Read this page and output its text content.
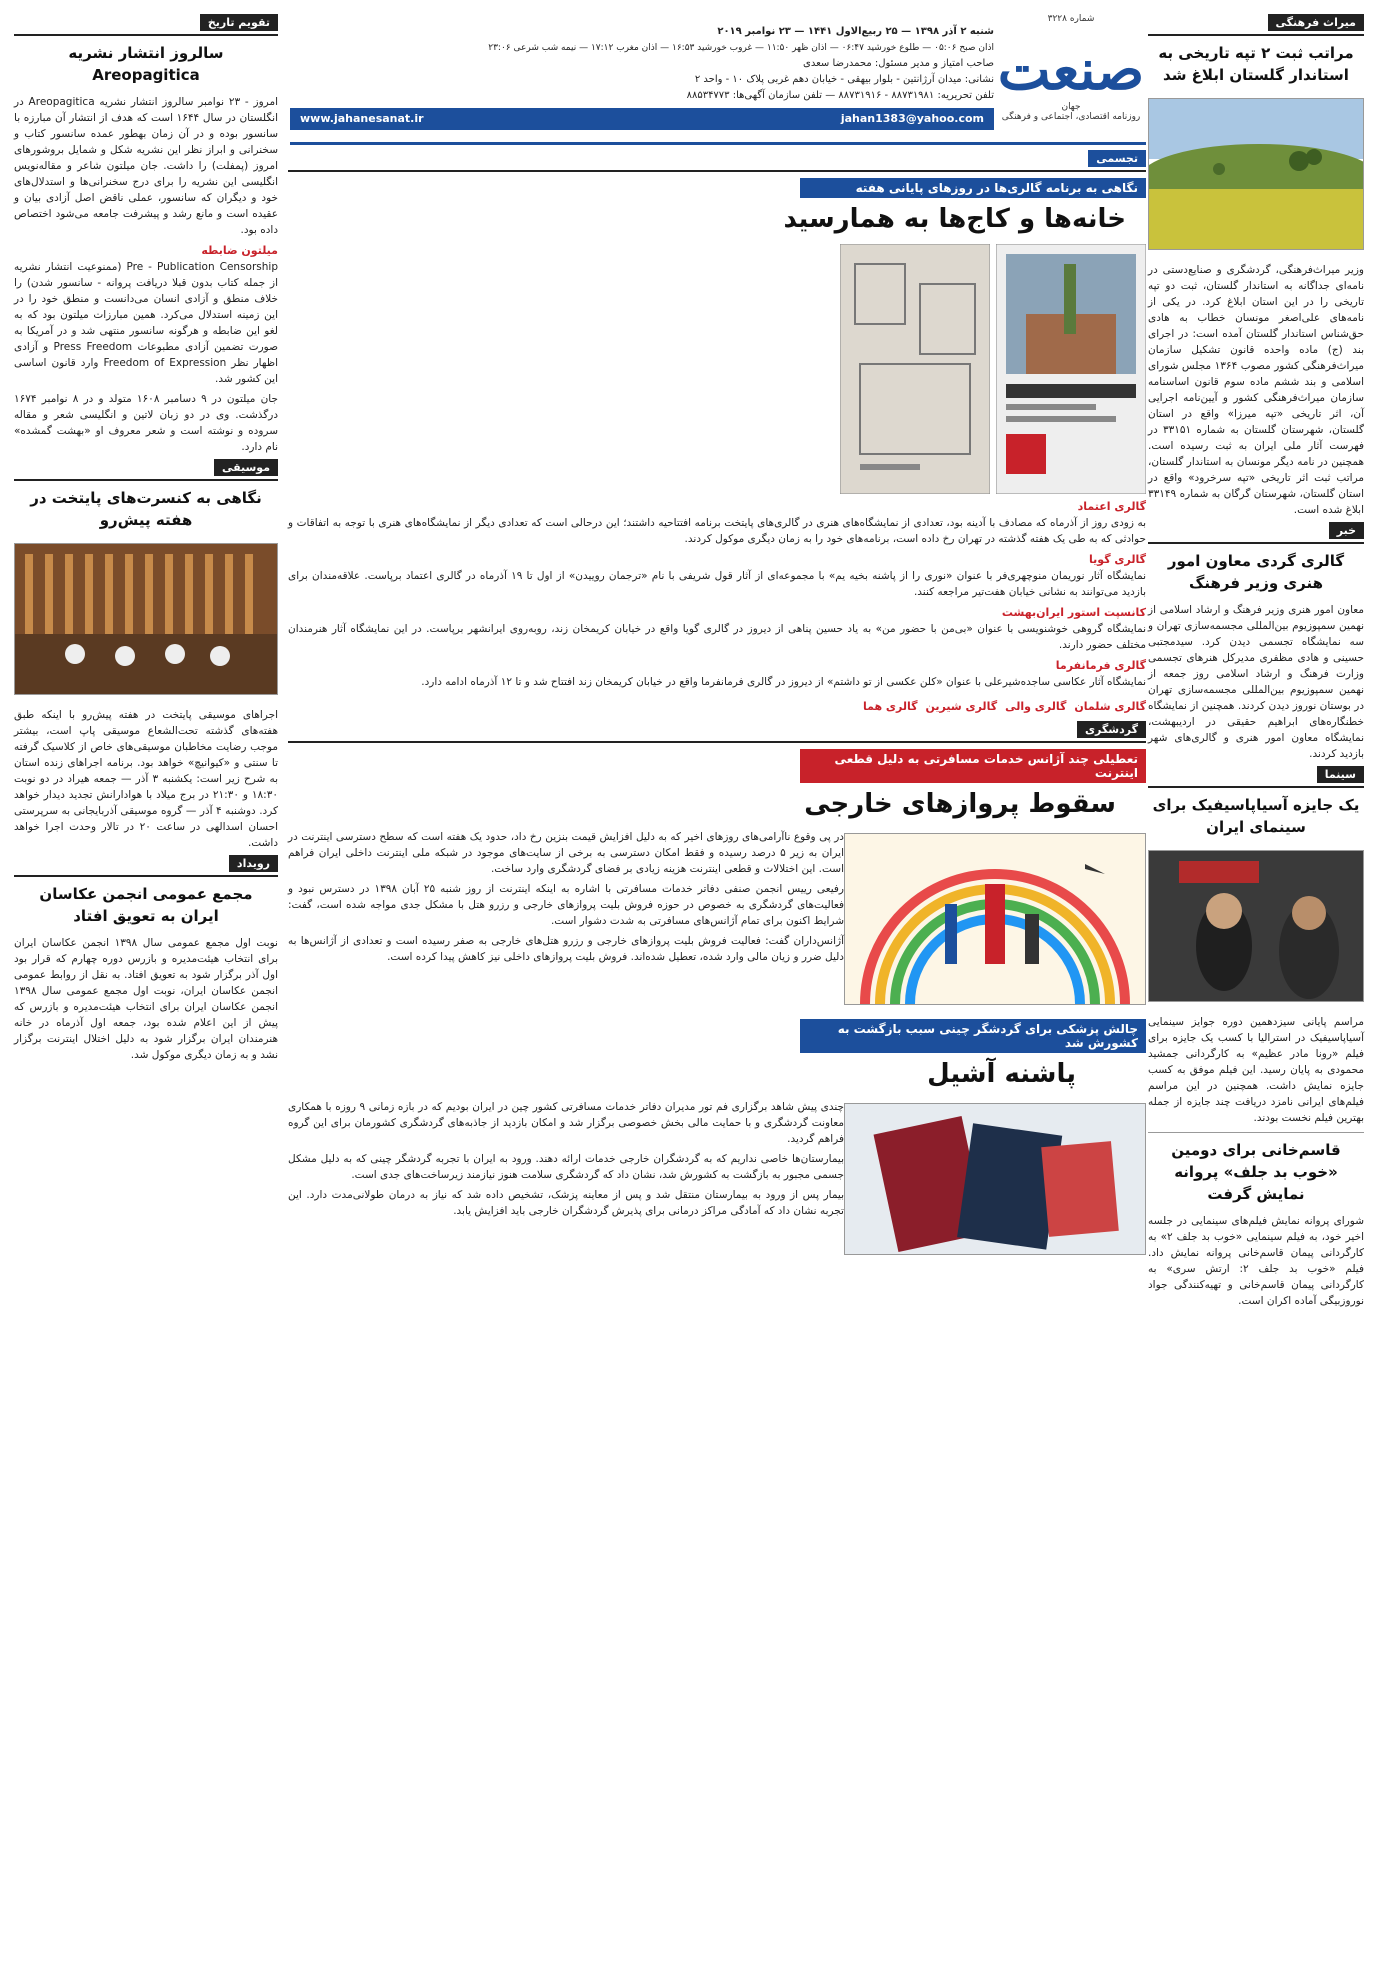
میراث فرهنگی
مراتب ثبت ۲ تپه تاریخی به استاندار گلستان ابلاغ شد

وزیر میراث‌فرهنگی، گردشگری و صنایع‌دستی در نامه‌ای جداگانه به استاندار گلستان، ثبت دو تپه تاریخی را در این استان ابلاغ کرد. در یکی از نامه‌های علی‌اصغر مونسان خطاب به هادی حق‌شناس استاندار گلستان آمده است: در اجرای بند (ج) ماده واحده قانون تشکیل سازمان میراث‌فرهنگی کشور مصوب ۱۳۶۴ مجلس شورای اسلامی و بند ششم ماده سوم قانون اساسنامه سازمان میراث‌فرهنگی کشور و آیین‌نامه اجرایی آن، اثر تاریخی «تپه میرزا» واقع در استان گلستان، شهرستان گلستان به شماره ۳۳۱۵۱ در فهرست آثار ملی ایران به ثبت رسیده است. همچنین در نامه دیگر مونسان به استاندار گلستان، مراتب ثبت اثر تاریخی «تپه سرخرود» واقع در استان گلستان، شهرستان گرگان به شماره ۳۳۱۴۹ ابلاغ شده است.

خبر
گالری گردی معاون امور هنری وزیر فرهنگ

معاون امور هنری وزیر فرهنگ و ارشاد اسلامی از نهمین سمپوزیوم بین‌المللی مجسمه‌سازی تهران و سه نمایشگاه تجسمی دیدن کرد. سیدمجتبی حسینی و هادی مظفری مدیرکل هنرهای تجسمی وزارت فرهنگ و ارشاد اسلامی روز جمعه از نهمین سمپوزیوم بین‌المللی مجسمه‌سازی تهران در بوستان نوروز دیدن کردند. همچنین از نمایشگاه خطنگاره‌های ابراهیم حقیقی در اردیبهشت، نمایشگاه معاون امور هنری و گالری‌های شهر بازدید کردند.

سینما
یک جایزه آسیاپاسیفیک برای سینمای ایران

مراسم پایانی سیزدهمین دوره جوایز سینمایی آسیاپاسیفیک در استرالیا با کسب یک جایزه برای فیلم «رونا مادر عظیم» به کارگردانی جمشید محمودی به پایان رسید. این فیلم موفق به کسب جایزه نمایش داشت. همچنین در این مراسم فیلم‌های ایرانی نامزد دریافت چند جایزه از جمله بهترین فیلم نخست بودند.

قاسم‌خانی برای دومین «خوب بد جلف» پروانه نمایش گرفت

شورای پروانه نمایش فیلم‌های سینمایی در جلسه اخیر خود، به فیلم سینمایی «خوب بد جلف ۲» به کارگردانی پیمان قاسم‌خانی پروانه نمایش داد. فیلم «خوب بد جلف ۲: ارتش سری» به کارگردانی پیمان قاسم‌خانی و تهیه‌کنندگی جواد نوروزبیگی آماده اکران است.

شماره ۳۲۲۸
صنعت
جهان
روزنامه اقتصادی، اجتماعی و فرهنگی
شنبه ۲ آذر ۱۳۹۸ — ۲۵ ربیع‌الاول ۱۴۴۱ — ۲۳ نوامبر ۲۰۱۹
اذان صبح ۰۵:۰۶ — طلوع خورشید ۰۶:۴۷ — اذان ظهر ۱۱:۵۰ — غروب خورشید ۱۶:۵۳ — اذان مغرب ۱۷:۱۲ — نیمه شب شرعی ۲۳:۰۶
صاحب امتیاز و مدیر مسئول: محمدرضا سعدی
نشانی: میدان آرژانتین - بلوار بیهقی - خیابان دهم غربی پلاک ۱۰ - واحد ۲
تلفن تحریریه: ۸۸۷۳۱۹۸۱ - ۸۸۷۳۱۹۱۶ — تلفن سازمان آگهی‌ها: ۸۸۵۳۴۷۷۳
www.jahanesanat.ir	jahan1383@yahoo.com
تجسمی
نگاهی به برنامه گالری‌ها در روزهای پایانی هفته
خانه‌ها و کاج‌ها به همارسید
گالری اعتماد

به زودی روز از آذرماه که مصادف با آدینه بود، تعدادی از نمایشگاه‌های هنری در گالری‌های پایتخت برنامه افتتاحیه داشتند؛ این درحالی است که تعدادی دیگر از نمایشگاه‌های هنری با توجه به اتفاقات و حوادثی که به طی یک هفته گذشته در تهران رخ داده است، برنامه‌های خود را به زمان دیگری موکول کردند.

گالری گویا

نمایشگاه آثار نوریمان منوچهری‌فر با عنوان «نوری را از پاشنه بخیه یم» با مجموعه‌ای از آثار قول شریفی با نام «ترجمان روییدن» از اول تا ۱۹ آذرماه در گالری اعتماد برپاست. علاقه‌مندان برای بازدید می‌توانند به نشانی خیابان هفت‌تیر مراجعه کنند.

کانسپت استور ایران‌بهشت

نمایشگاه گروهی خوشنویسی با عنوان «بی‌من با حضور من» به یاد حسین پناهی از دیروز در گالری گویا واقع در خیابان کریمخان زند، روبه‌روی ایرانشهر برپاست. در این نمایشگاه آثار هنرمندان مختلف حضور دارند.

گالری فرمانفرما

نمایشگاه آثار عکاسی ساجده‌شیرعلی با عنوان «کلن عکسی از تو داشتم» از دیروز در گالری فرمانفرما واقع در خیابان کریمخان زند افتتاح شد و تا ۱۲ آذرماه ادامه دارد.

گالری شلمان
گالری والی
گالری شیرین
گالری هما
گردشگری
تعطیلی چند آژانس خدمات مسافرتی به دلیل قطعی اینترنت
سقوط پروازهای خارجی

در پی وقوع ناآرامی‌های روزهای اخیر که به دلیل افزایش قیمت بنزین رخ داد، حدود یک هفته است که سطح دسترسی اینترنت در ایران به زیر ۵ درصد رسیده و فقط امکان دسترسی به برخی از سایت‌های موجود در شبکه ملی اینترنت داخلی ایران فراهم است. این اختلالات و قطعی اینترنت هزینه زیادی بر فضای گردشگری وارد ساخت.

رفیعی رییس انجمن صنفی دفاتر خدمات مسافرتی با اشاره به اینکه اینترنت از روز شنبه ۲۵ آبان ۱۳۹۸ در دسترس نبود و فعالیت‌های گردشگری به خصوص در حوزه فروش بلیت پروازهای خارجی و رزرو هتل با مشکل جدی مواجه شده است، گفت: شرایط اکنون برای تمام آژانس‌های مسافرتی به شدت دشوار است.

آژانس‌داران گفت: فعالیت فروش بلیت پروازهای خارجی و رزرو هتل‌های خارجی به صفر رسیده است و تعدادی از آژانس‌ها به دلیل ضرر و زیان مالی وارد شده، تعطیل شده‌اند. فروش بلیت پروازهای داخلی نیز کاهش پیدا کرده است.

چالش پزشکی برای گردشگر چینی سبب بازگشت به کشورش شد
پاشنه آشیل

چندی پیش شاهد برگزاری فم تور مدیران دفاتر خدمات مسافرتی کشور چین در ایران بودیم که در بازه زمانی ۹ روزه با همکاری معاونت گردشگری و با حمایت مالی بخش خصوصی برگزار شد و امکان بازدید از جاذبه‌های گردشگری کشورمان برای این گروه فراهم گردید.

بیمارستان‌ها خاصی نداریم که به گردشگران خارجی خدمات ارائه دهند. ورود به ایران با تجربه گردشگر چینی که به دلیل مشکل جسمی مجبور به بازگشت به کشورش شد، نشان داد که گردشگری سلامت هنوز نیازمند زیرساخت‌های جدی است.

بیمار پس از ورود به بیمارستان منتقل شد و پس از معاینه پزشک، تشخیص داده شد که نیاز به درمان طولانی‌مدت دارد. این تجربه نشان داد که آمادگی مراکز درمانی برای پذیرش گردشگران خارجی باید افزایش یابد.

تقویم تاریخ
سالروز انتشار نشریه Areopagitica

امروز - ۲۳ نوامبر سالروز انتشار نشریه Areopagitica در انگلستان در سال ۱۶۴۴ است که هدف از انتشار آن مبارزه با سانسور بوده و در آن زمان بهطور عمده سانسور کتاب و سخنرانی و ابراز نظر این نشریه شکل و شمایل بروشورهای امروز (پمفلت) را داشت. جان میلتون شاعر و مقاله‌نویس انگلیسی این نشریه را برای درج سخنرانی‌ها و استدلال‌های خود و دیگران که سانسور، عملی ناقض اصل آزادی بیان و عقیده است و مانع رشد و پیشرفت جامعه می‌شود اختصاص داده بود.

میلتون ضابطه

Pre - Publication Censorship (ممنوعیت انتشار نشریه از جمله کتاب بدون قبلا دریافت پروانه - سانسور شدن) را خلاف منطق و آزادی انسان می‌دانست و منطق خود را در این زمینه استدلال می‌کرد. همین مبارزات میلتون بود که به لغو این ضابطه و هرگونه سانسور منتهی شد و در آمریکا به صورت تضمین آزادی مطبوعات Press Freedom و آزادی اظهار نظر Freedom of Expression وارد قانون اساسی این کشور شد.

جان میلتون در ۹ دسامبر ۱۶۰۸ متولد و در ۸ نوامبر ۱۶۷۴ درگذشت. وی در دو زبان لاتین و انگلیسی شعر و مقاله سروده و نوشته است و شعر معروف او «بهشت گمشده» نام دارد.

موسیقی
نگاهی به کنسرت‌های پایتخت در هفته پیش‌رو

اجراهای موسیقی پایتخت در هفته پیش‌رو با اینکه طبق هفته‌های گذشته تحت‌الشعاع موسیقی پاپ است، بیشتر موجب رضایت مخاطبان موسیقی‌های خاص از کلاسیک گرفته تا سنتی و «کیوانیچ» خواهد بود. برنامه اجراهای زنده استان به شرح زیر است: یکشنبه ۳ آذر — جمعه هیراد در دو نوبت ۱۸:۳۰ و ۲۱:۳۰ در برج میلاد با هوادارانش تجدید دیدار خواهد کرد. دوشنبه ۴ آذر — گروه موسیقی آذربایجانی به سرپرستی احسان اسدالهی در ساعت ۲۰ در تالار وحدت اجرا خواهد داشت.

رویداد
مجمع عمومی انجمن عکاسان ایران به تعویق افتاد

نوبت اول مجمع عمومی سال ۱۳۹۸ انجمن عکاسان ایران برای انتخاب هیئت‌مدیره و بازرس دوره چهارم که قرار بود اول آذر برگزار شود به تعویق افتاد. به نقل از روابط عمومی انجمن عکاسان ایران، نوبت اول مجمع عمومی سال ۱۳۹۸ انجمن عکاسان ایران برای انتخاب هیئت‌مدیره و بازرس که پیش از این اعلام شده بود، جمعه اول آذرماه در خانه هنرمندان ایران برگزار شود به دلیل اختلال اینترنت برگزار نشد و به زمان دیگری موکول شد.
